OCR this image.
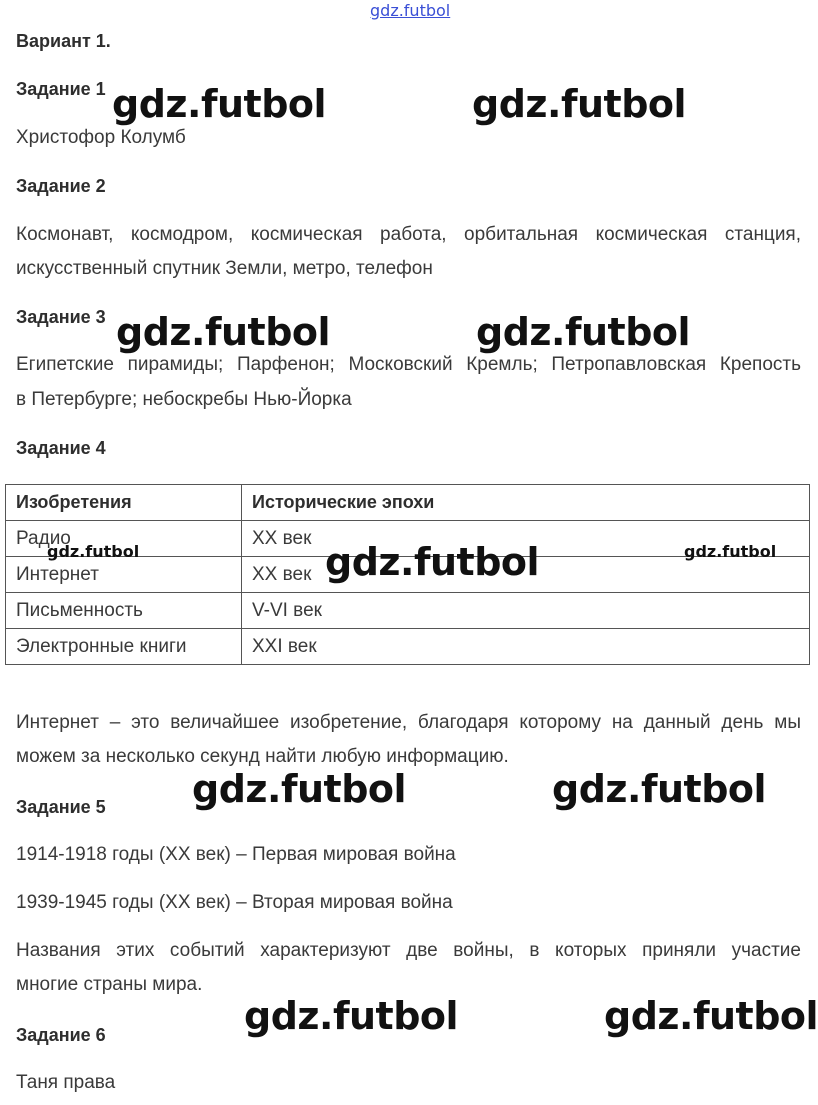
gdz.futbol
Вариант 1.
Задание 1
Христофор Колумб
Задание 2
Космонавт, космодром, космическая работа, орбитальная космическая станция,
искусственный спутник Земли, метро, телефон
Задание 3
Египетские пирамиды; Парфенон; Московский Кремль; Петропавловская Крепость
в Петербурге; небоскребы Нью-Йорка
Задание 4
Изобретения	Исторические эпохи
Радио	XX век
Интернет	XX век
Письменность	V-VI век
Электронные книги	XXI век
Интернет – это величайшее изобретение, благодаря которому на данный день мы
можем за несколько секунд найти любую информацию.
Задание 5
1914-1918 годы (XX век) – Первая мировая война
1939-1945 годы (XX век) – Вторая мировая война
Названия этих событий характеризуют две войны, в которых приняли участие
многие страны мира.
Задание 6
Таня права
gdz.futbol	gdz.futbol
gdz.futbol	gdz.futbol
gdz.futbol	gdz.futbol	gdz.futbol
gdz.futbol	gdz.futbol
gdz.futbol	gdz.futbol
